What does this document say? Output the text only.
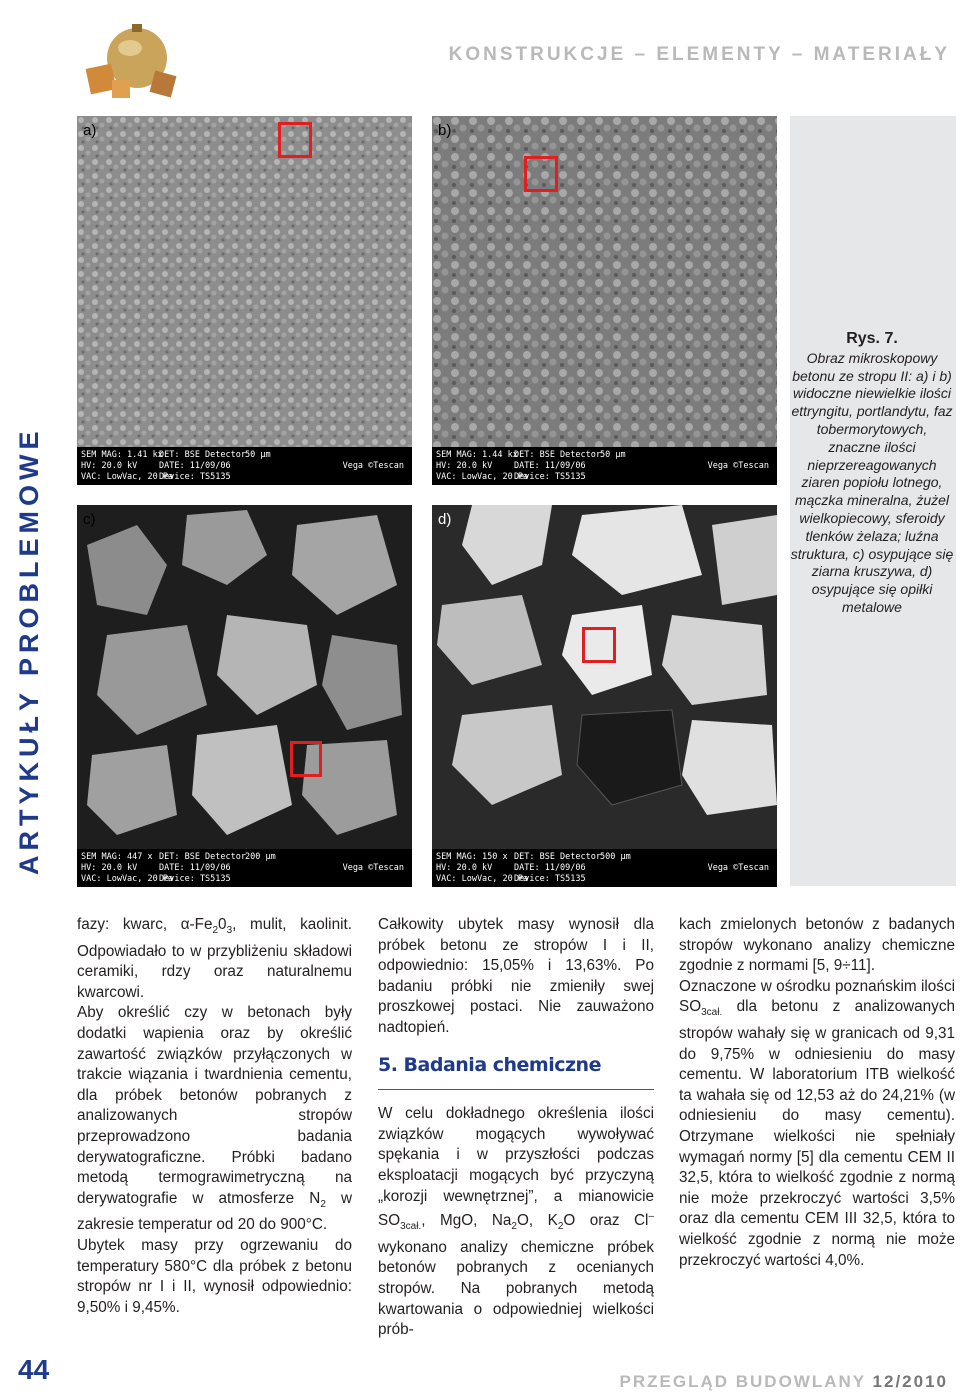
KONSTRUKCJE – ELEMENTY – MATERIAŁY
ARTYKUŁY PROBLEMOWE
a)
SEM MAG: 1.41 kx
HV: 20.0 kV
VAC: LowVac, 20 Pa
DET: BSE Detector
DATE: 11/09/06
Device: TS5135
50 μm
Vega ©Tescan
b)
SEM MAG: 1.44 kx
HV: 20.0 kV
VAC: LowVac, 20 Pa
DET: BSE Detector
DATE: 11/09/06
Device: TS5135
50 μm
Vega ©Tescan
c)
SEM MAG: 447 x
HV: 20.0 kV
VAC: LowVac, 20 Pa
DET: BSE Detector
DATE: 11/09/06
Device: TS5135
200 μm
Vega ©Tescan
d)
SEM MAG: 150 x
HV: 20.0 kV
VAC: LowVac, 20 Pa
DET: BSE Detector
DATE: 11/09/06
Device: TS5135
500 μm
Vega ©Tescan
Rys. 7.
Obraz mikroskopowy betonu ze stropu II: a) i b) widoczne niewielkie ilości ettryngitu, portlandytu, faz tobermorytowych, znaczne ilości nieprzereagowanych ziaren popiołu lotnego, mączka mineralna, żużel wielkopiecowy, sferoidy tlenków żelaza; luźna struktura, c) osypujące się ziarna kruszywa, d) osypujące się opiłki metalowe

fazy: kwarc, $\alpha-Fe_20_3$, mulit, kaolinit. Odpowiadało to w przybliżeniu składowi ceramiki, rdzy oraz naturalnemu kwarcowi.

Aby określić czy w betonach były dodatki wapienia oraz by określić zawartość związków przyłączonych w trakcie wiązania i twardnienia cementu, dla próbek betonów pobranych z analizowanych stropów przeprowadzono badania derywatograficzne. Próbki badano metodą termograwimetryczną na derywatografie w atmosferze $N_2$ w zakresie temperatur od 20 do 900°C.

Ubytek masy przy ogrzewaniu do temperatury 580°C dla próbek z betonu stropów nr I i II, wynosił odpowiednio: 9,50% i 9,45%.

Całkowity ubytek masy wynosił dla próbek betonu ze stropów I i II, odpowiednio: 15,05% i 13,63%. Po badaniu próbki nie zmieniły swej proszkowej postaci. Nie zauważono nadtopień.

5. Badania chemiczne

W celu dokładnego określenia ilości związków mogących wywoływać spękania i w przyszłości podczas eksploatacji mogących być przyczyną „korozji wewnętrznej”, a mianowicie $SO_{3cał.}$, MgO, $Na_2O$, $K_2O$ oraz Cl– wykonano analizy chemiczne próbek betonów pobranych z ocenianych stropów. Na pobranych metodą kwartowania o odpowiedniej wielkości prób-

kach zmielonych betonów z badanych stropów wykonano analizy chemiczne zgodnie z normami [5, 9÷11].

Oznaczone w ośrodku poznańskim ilości $SO_{3cał.}$ dla betonu z analizowanych stropów wahały się w granicach od 9,31 do 9,75% w odniesieniu do masy cementu. W laboratorium ITB wielkość ta wahała się od 12,53 aż do 24,21% (w odniesieniu do masy cementu). Otrzymane wielkości nie spełniały wymagań normy [5] dla cementu CEM II 32,5, która to wielkość zgodnie z normą nie może przekroczyć wartości 3,5% oraz dla cementu CEM III 32,5, która to wielkość zgodnie z normą nie może przekroczyć wartości 4,0%.

44	PRZEGLĄD BUDOWLANY 12/2010
